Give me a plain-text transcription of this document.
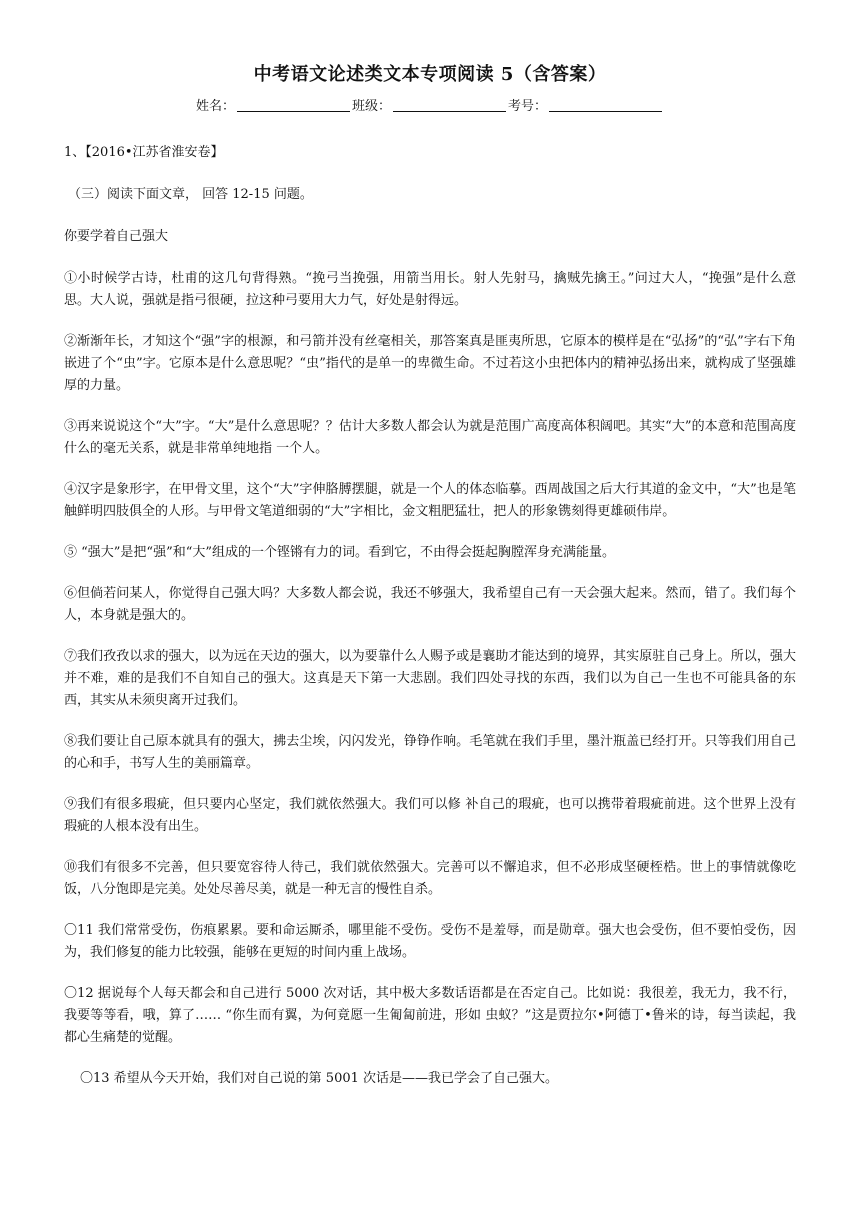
中考语文论述类文本专项阅读 5（含答案）
姓名：	班级：	考号：

1、【2016•江苏省淮安卷】

（三）阅读下面文章， 回答 12-15 问题。

你要学着自己强大

①小时候学古诗，杜甫的这几句背得熟。“挽弓当挽强，用箭当用长。射人先射马，擒贼先擒王。”问过大人，“挽强”是什么意思。大人说，强就是指弓很硬，拉这种弓要用大力气，好处是射得远。

②渐渐年长，才知这个“强”字的根源，和弓箭并没有丝毫相关，那答案真是匪夷所思，它原本的模样是在“弘扬”的“弘”字右下角嵌进了个“虫”字。它原本是什么意思呢？“虫”指代的是单一的卑微生命。不过若这小虫把体内的精神弘扬出来，就构成了坚强雄厚的力量。

③再来说说这个“大”字。“大”是什么意思呢？？估计大多数人都会认为就是范围广高度高体积阔吧。其实“大”的本意和范围高度什么的毫无关系，就是非常单纯地指 一个人。

④汉字是象形字，在甲骨文里，这个“大”字伸胳膊摆腿，就是一个人的体态临摹。西周战国之后大行其道的金文中，“大”也是笔触鲜明四肢俱全的人形。与甲骨文笔道细弱的“大”字相比，金文粗肥猛壮，把人的形象镌刻得更雄硕伟岸。

⑤ “强大”是把“强”和“大”组成的一个铿锵有力的词。看到它，不由得会挺起胸膛浑身充满能量。

⑥但倘若问某人，你觉得自己强大吗？大多数人都会说，我还不够强大，我希望自己有一天会强大起来。然而，错了。我们每个人，本身就是强大的。

⑦我们孜孜以求的强大，以为远在天边的强大，以为要靠什么人赐予或是襄助才能达到的境界，其实原驻自己身上。所以，强大并不难，难的是我们不自知自己的强大。这真是天下第一大悲剧。我们四处寻找的东西，我们以为自己一生也不可能具备的东西，其实从未须臾离开过我们。

⑧我们要让自己原本就具有的强大，拂去尘埃，闪闪发光，铮铮作响。毛笔就在我们手里，墨汁瓶盖已经打开。只等我们用自己的心和手，书写人生的美丽篇章。

⑨我们有很多瑕疵，但只要内心坚定，我们就依然强大。我们可以修 补自己的瑕疵，也可以携带着瑕疵前进。这个世界上没有瑕疵的人根本没有出生。

⑩我们有很多不完善，但只要宽容待人待己，我们就依然强大。完善可以不懈追求，但不必形成坚硬桎梏。世上的事情就像吃饭，八分饱即是完美。处处尽善尽美，就是一种无言的慢性自杀。

〇11 我们常常受伤，伤痕累累。要和命运厮杀，哪里能不受伤。受伤不是羞辱，而是勋章。强大也会受伤，但不要怕受伤，因为，我们修复的能力比较强，能够在更短的时间内重上战场。

〇12 据说每个人每天都会和自己进行 5000 次对话，其中极大多数话语都是在否定自己。比如说：我很差，我无力，我不行，我要等等看，哦，算了…… “你生而有翼，为何竟愿一生匍匐前进，形如 虫蚁？”这是贾拉尔•阿德丁•鲁米的诗，每当读起，我都心生痛楚的觉醒。

〇13 希望从今天开始，我们对自己说的第 5001 次话是——我已学会了自己强大。
